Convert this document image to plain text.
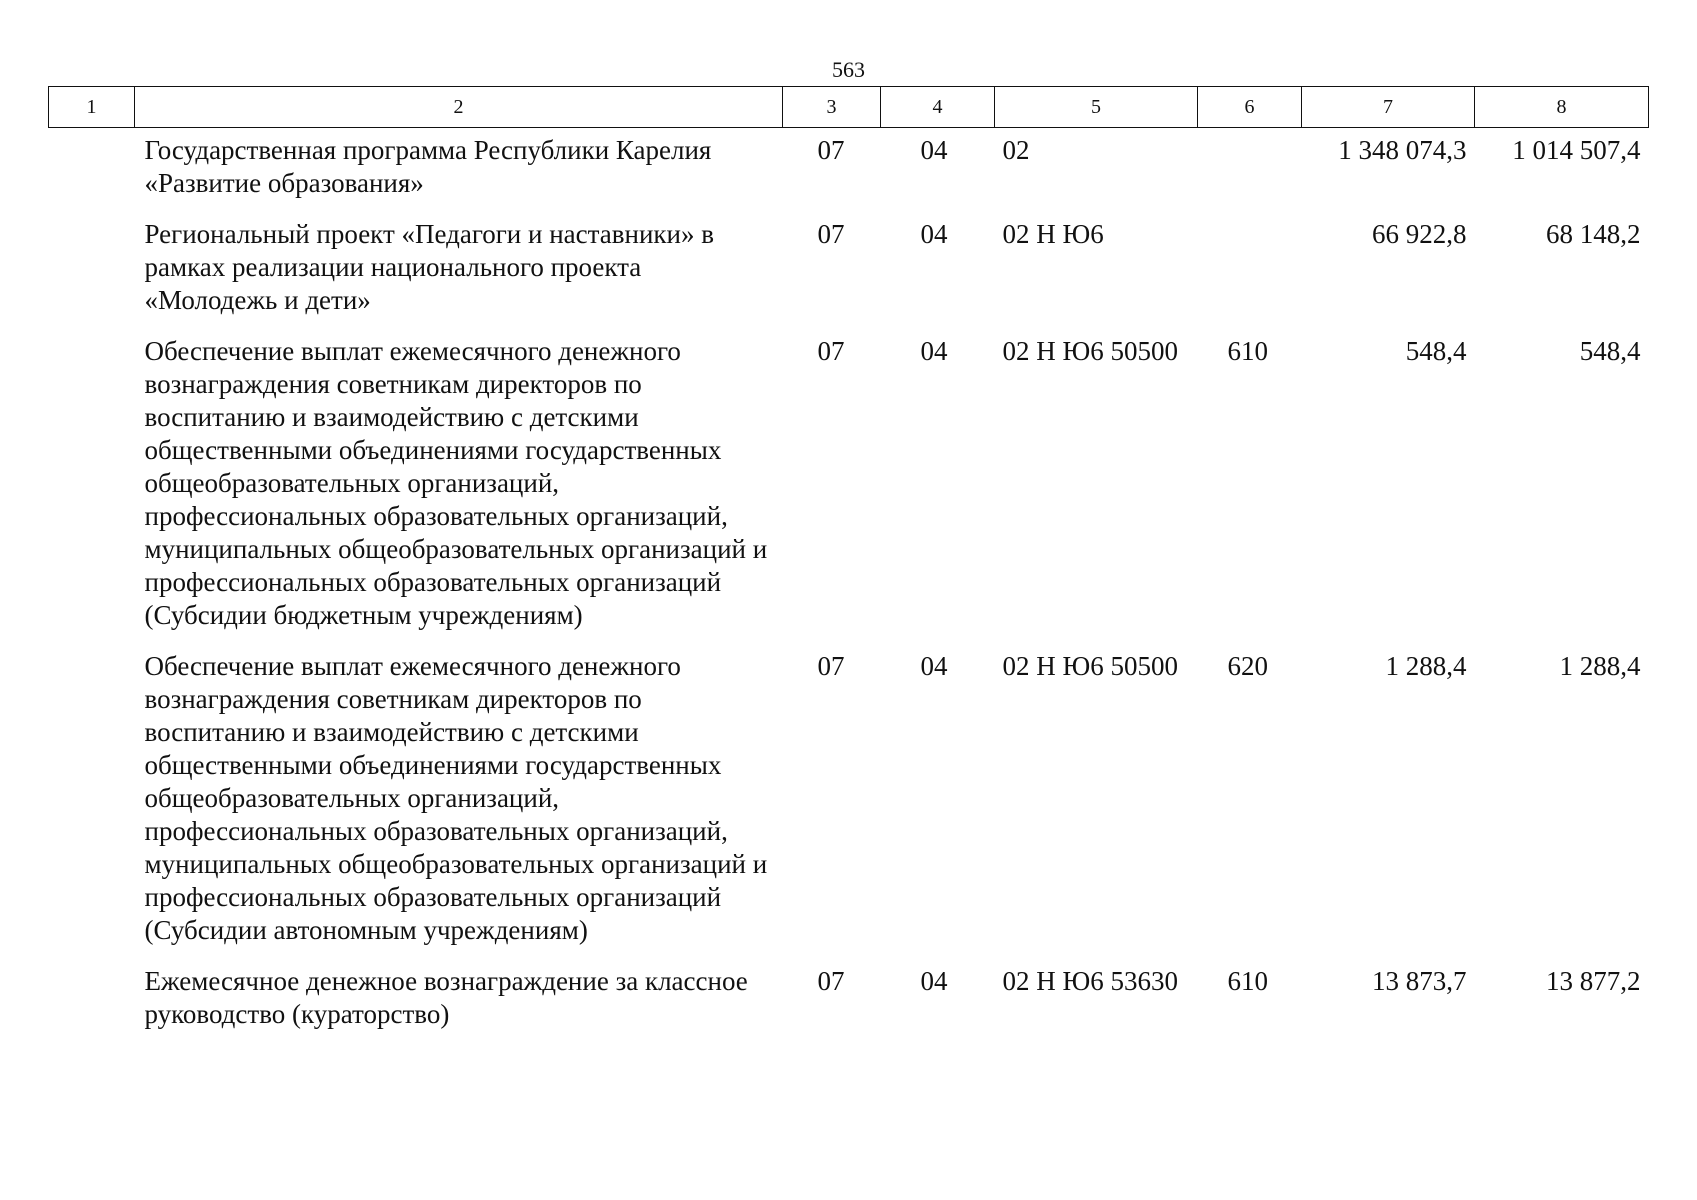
563
1	2	3	4	5	6	7	8
	Государственная программа Республики Карелия «Развитие образования»	07	04	02		1 348 074,3	1 014 507,4
	Региональный проект «Педагоги и наставники» в рамках реализации национального проекта «Молодежь и дети»	07	04	02 Н Ю6		66 922,8	68 148,2
	Обеспечение выплат ежемесячного денежного вознаграждения советникам директоров по воспитанию и взаимодействию с детскими общественными объединениями государственных общеобразовательных организаций, профессиональных образовательных организаций, муниципальных общеобразовательных организаций и профессиональных образовательных организаций (Субсидии бюджетным учреждениям)	07	04	02 Н Ю6 50500	610	548,4	548,4
	Обеспечение выплат ежемесячного денежного вознаграждения советникам директоров по воспитанию и взаимодействию с детскими общественными объединениями государственных общеобразовательных организаций, профессиональных образовательных организаций, муниципальных общеобразовательных организаций и профессиональных образовательных организаций (Субсидии автономным учреждениям)	07	04	02 Н Ю6 50500	620	1 288,4	1 288,4
	Ежемесячное денежное вознаграждение за классное руководство (кураторство)	07	04	02 Н Ю6 53630	610	13 873,7	13 877,2
